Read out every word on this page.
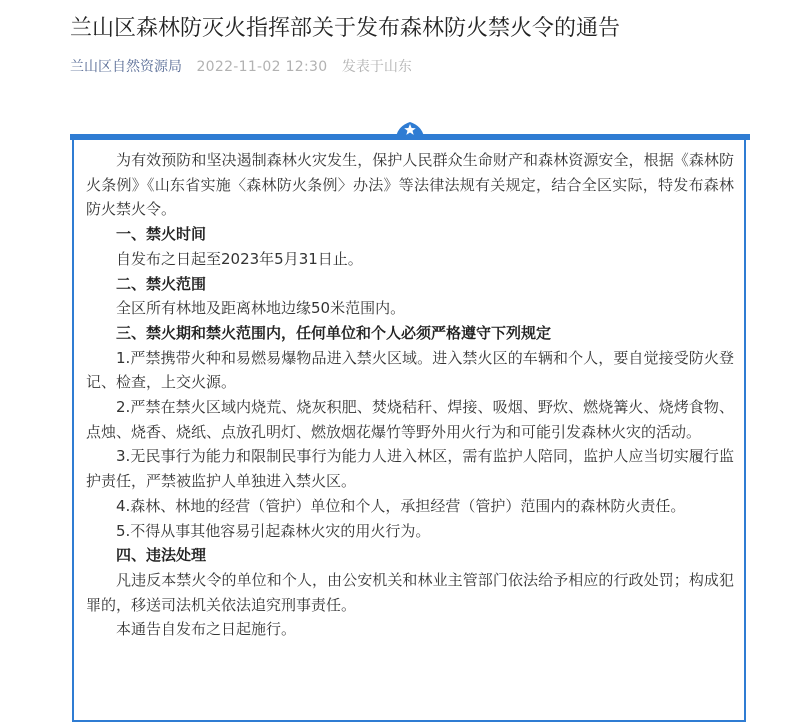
兰山区森林防灭火指挥部关于发布森林防火禁火令的通告
兰山区自然资源局 2022-11-02 12:30 发表于山东

为有效预防和坚决遏制森林火灾发生，保护人民群众生命财产和森林资源安全，根据《森林防火条例》《山东省实施〈森林防火条例〉办法》等法律法规有关规定，结合全区实际，特发布森林防火禁火令。

一、禁火时间

自发布之日起至2023年5月31日止。

二、禁火范围

全区所有林地及距离林地边缘50米范围内。

三、禁火期和禁火范围内，任何单位和个人必须严格遵守下列规定

1.严禁携带火种和易燃易爆物品进入禁火区域。进入禁火区的车辆和个人，要自觉接受防火登记、检查，上交火源。

2.严禁在禁火区域内烧荒、烧灰积肥、焚烧秸秆、焊接、吸烟、野炊、燃烧篝火、烧烤食物、点烛、烧香、烧纸、点放孔明灯、燃放烟花爆竹等野外用火行为和可能引发森林火灾的活动。

3.无民事行为能力和限制民事行为能力人进入林区，需有监护人陪同，监护人应当切实履行监护责任，严禁被监护人单独进入禁火区。

4.森林、林地的经营（管护）单位和个人，承担经营（管护）范围内的森林防火责任。

5.不得从事其他容易引起森林火灾的用火行为。

四、违法处理

凡违反本禁火令的单位和个人，由公安机关和林业主管部门依法给予相应的行政处罚；构成犯罪的，移送司法机关依法追究刑事责任。

本通告自发布之日起施行。
